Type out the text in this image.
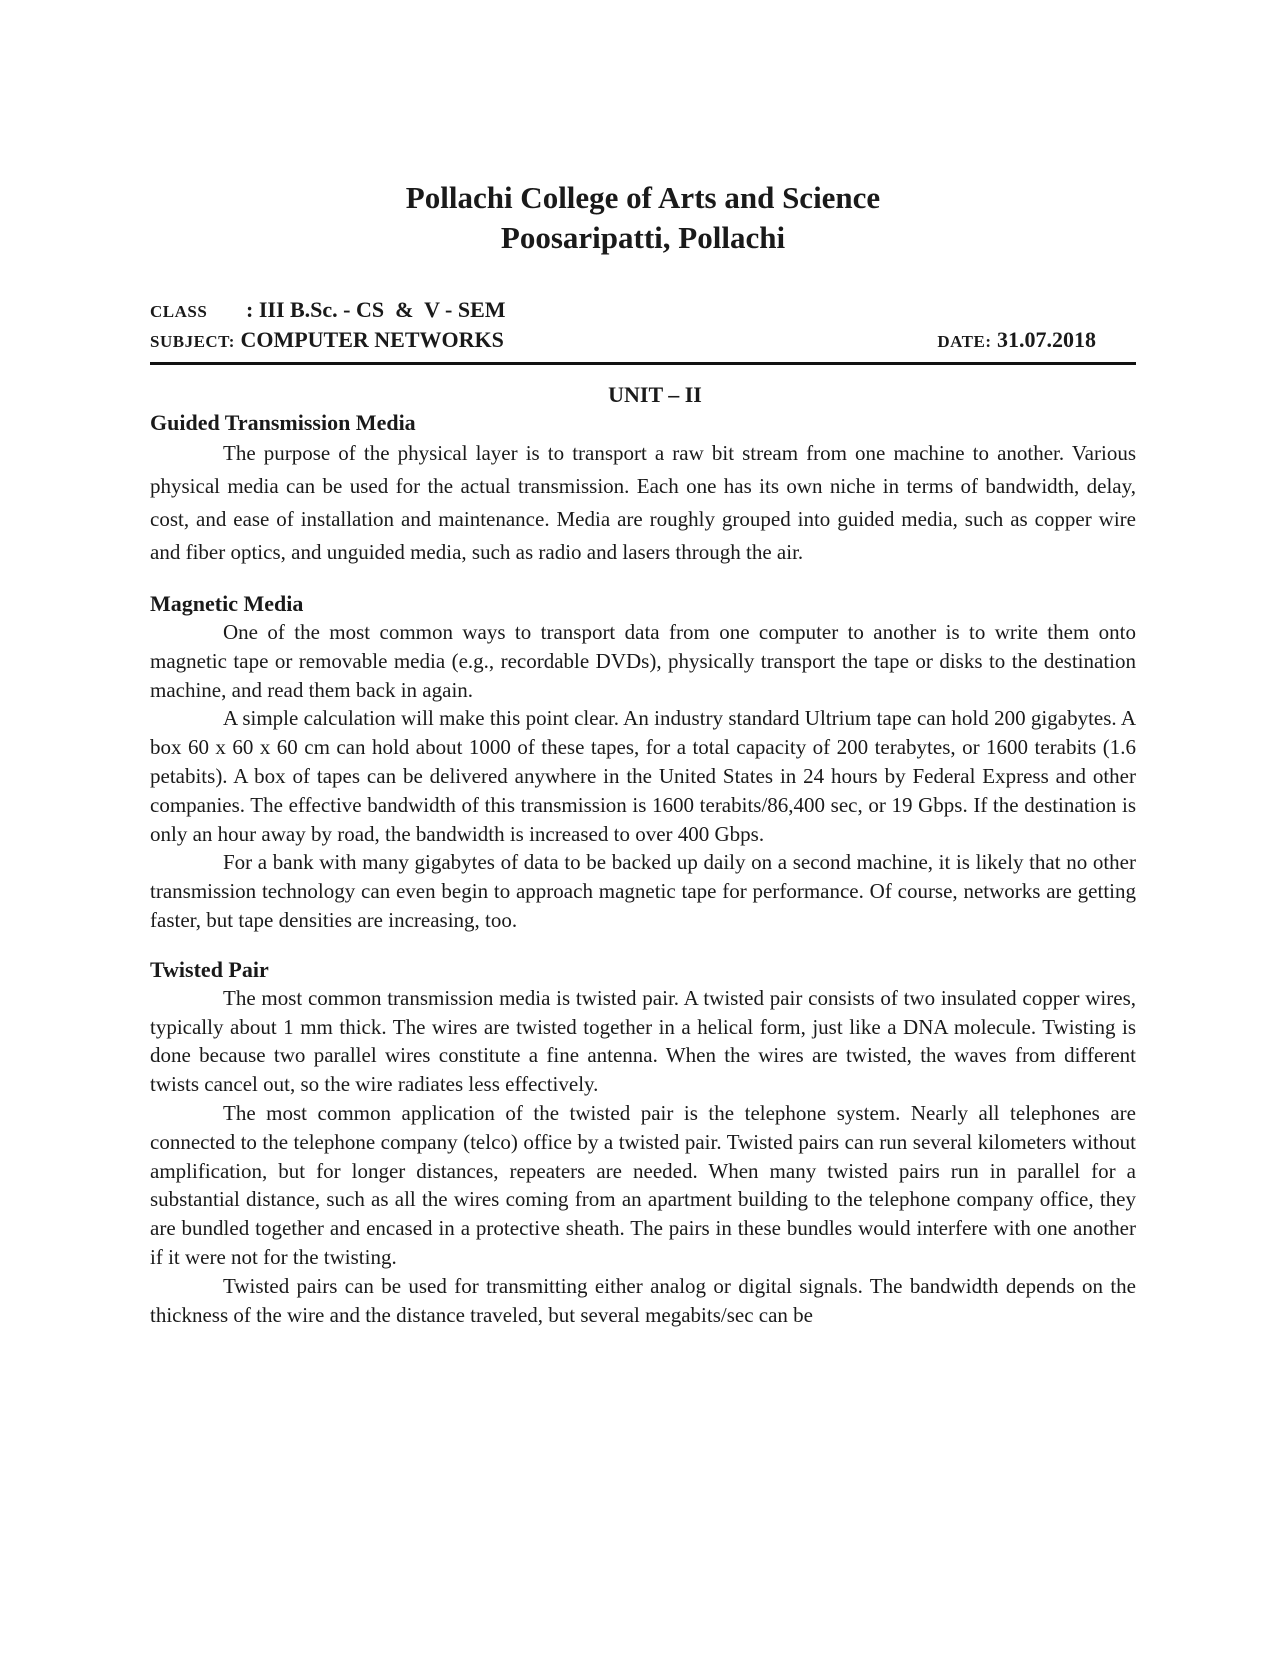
Pollachi College of Arts and Science
Poosaripatti, Pollachi
CLASS : III B.Sc. - CS  &  V - SEM
SUBJECT: COMPUTER NETWORKS	DATE: 31.07.2018
UNIT – II
Guided Transmission Media

The purpose of the physical layer is to transport a raw bit stream from one machine to another. Various physical media can be used for the actual transmission. Each one has its own niche in terms of bandwidth, delay, cost, and ease of installation and maintenance. Media are roughly grouped into guided media, such as copper wire and fiber optics, and unguided media, such as radio and lasers through the air.

Magnetic Media

One of the most common ways to transport data from one computer to another is to write them onto magnetic tape or removable media (e.g., recordable DVDs), physically transport the tape or disks to the destination machine, and read them back in again.

A simple calculation will make this point clear. An industry standard Ultrium tape can hold 200 gigabytes. A box 60 x 60 x 60 cm can hold about 1000 of these tapes, for a total capacity of 200 terabytes, or 1600 terabits (1.6 petabits). A box of tapes can be delivered anywhere in the United States in 24 hours by Federal Express and other companies. The effective bandwidth of this transmission is 1600 terabits/86,400 sec, or 19 Gbps. If the destination is only an hour away by road, the bandwidth is increased to over 400 Gbps.

For a bank with many gigabytes of data to be backed up daily on a second machine, it is likely that no other transmission technology can even begin to approach magnetic tape for performance. Of course, networks are getting faster, but tape densities are increasing, too.

Twisted Pair

The most common transmission media is twisted pair. A twisted pair consists of two insulated copper wires, typically about 1 mm thick. The wires are twisted together in a helical form, just like a DNA molecule. Twisting is done because two parallel wires constitute a fine antenna. When the wires are twisted, the waves from different twists cancel out, so the wire radiates less effectively.

The most common application of the twisted pair is the telephone system. Nearly all telephones are connected to the telephone company (telco) office by a twisted pair. Twisted pairs can run several kilometers without amplification, but for longer distances, repeaters are needed. When many twisted pairs run in parallel for a substantial distance, such as all the wires coming from an apartment building to the telephone company office, they are bundled together and encased in a protective sheath. The pairs in these bundles would interfere with one another if it were not for the twisting.

Twisted pairs can be used for transmitting either analog or digital signals. The bandwidth depends on the thickness of the wire and the distance traveled, but several megabits/sec can be
